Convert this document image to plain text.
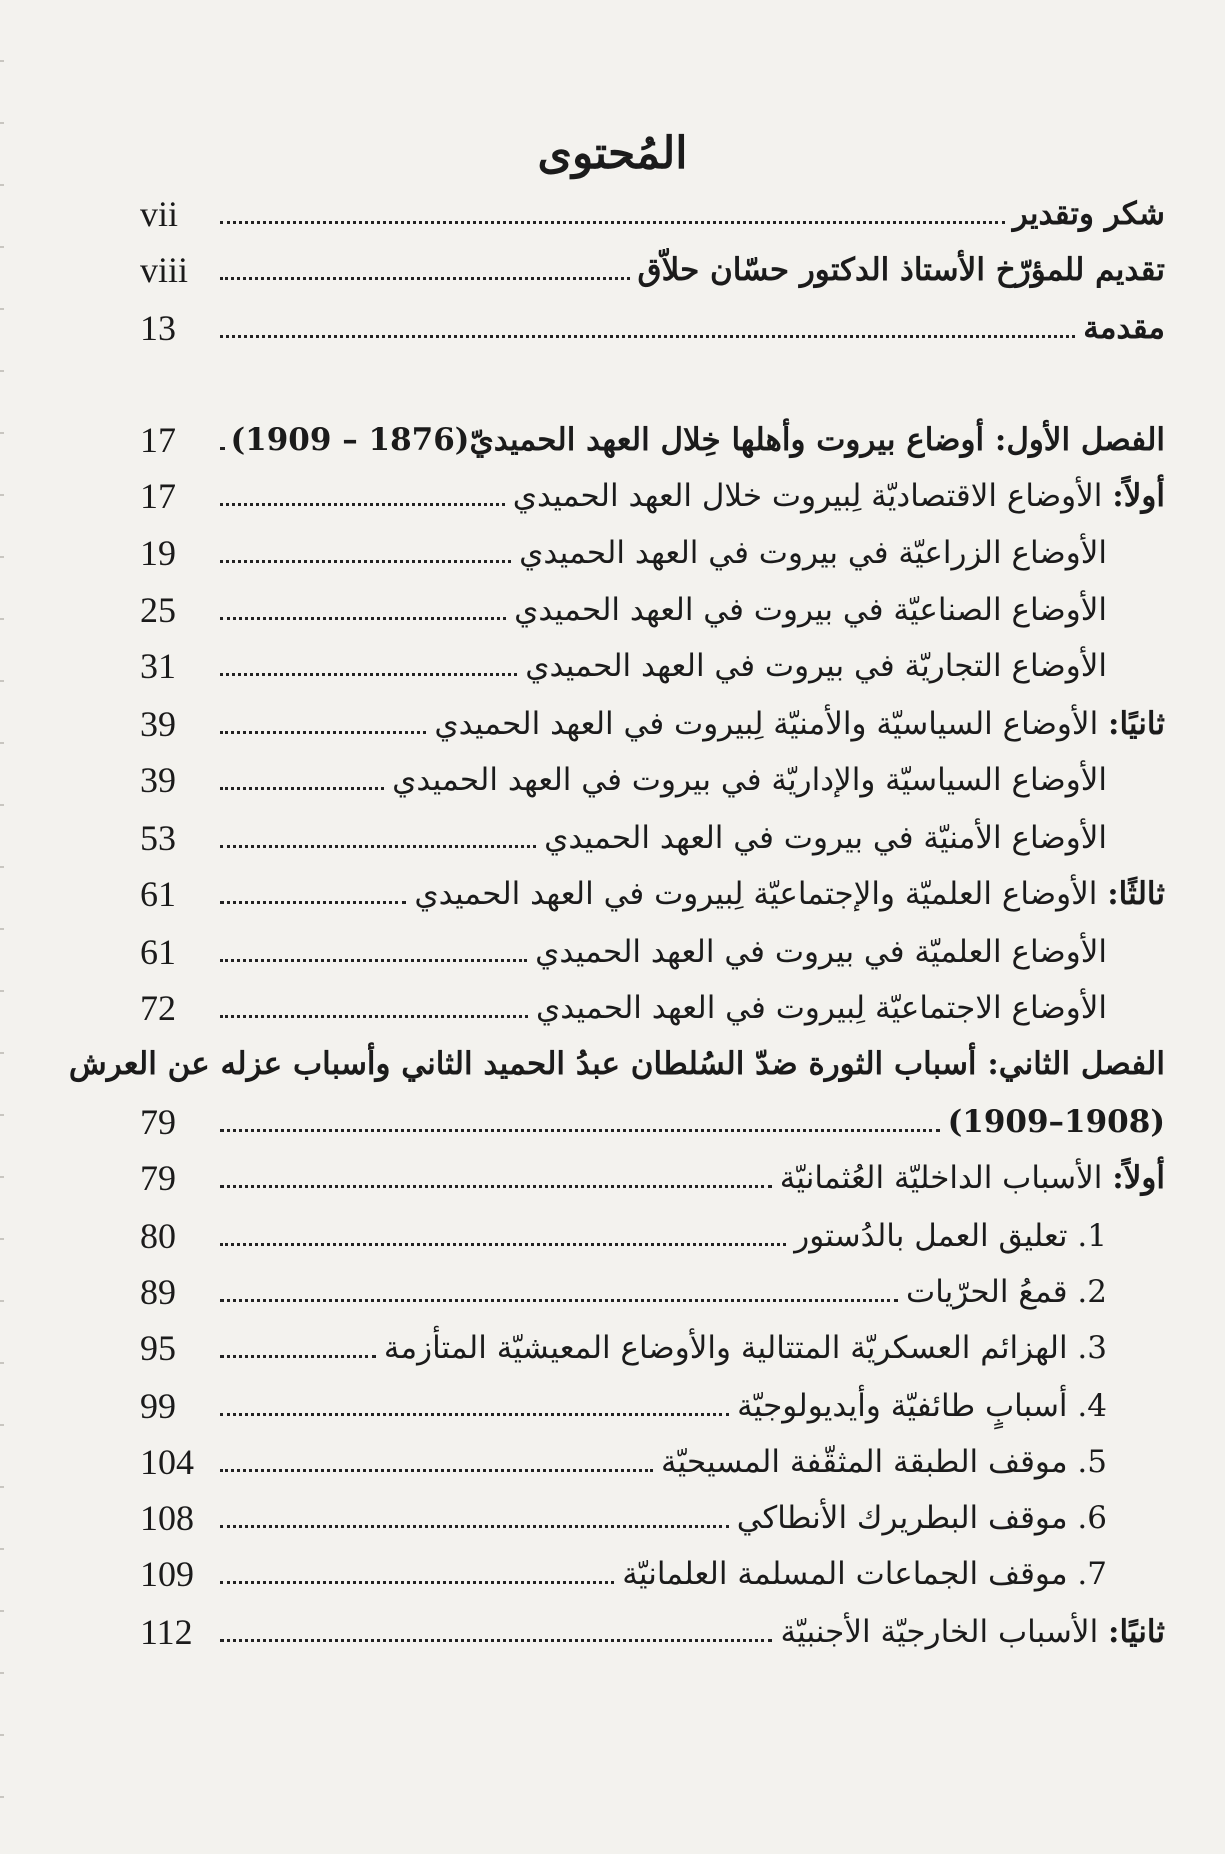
المُحتوى
شكر وتقدير
vii
تقديم للمؤرّخ الأستاذ الدكتور حسّان حلاّق
viii
مقدمة
13
الفصل الأول: أوضاع بيروت وأهلها خِلال العهد الحميديّ(1876 – 1909)
17
أولاً: الأوضاع الاقتصاديّة لِبيروت خلال العهد الحميدي
17
الأوضاع الزراعيّة في بيروت في العهد الحميدي
19
الأوضاع الصناعيّة في بيروت في العهد الحميدي
25
الأوضاع التجاريّة في بيروت في العهد الحميدي
31
ثانيًا: الأوضاع السياسيّة والأمنيّة لِبيروت في العهد الحميدي
39
الأوضاع السياسيّة والإداريّة في بيروت في العهد الحميدي
39
الأوضاع الأمنيّة في بيروت في العهد الحميدي
53
ثالثًا: الأوضاع العلميّة والإجتماعيّة لِبيروت في العهد الحميدي
61
الأوضاع العلميّة في بيروت في العهد الحميدي
61
الأوضاع الاجتماعيّة لِبيروت في العهد الحميدي
72
الفصل الثاني: أسباب الثورة ضدّ السُلطان عبدُ الحميد الثاني وأسباب عزله عن العرش
(1908–1909)
79
أولاً: الأسباب الداخليّة العُثمانيّة
79
1. تعليق العمل بالدُستور
80
2. قمعُ الحرّيات
89
3. الهزائم العسكريّة المتتالية والأوضاع المعيشيّة المتأزمة
95
4. أسبابٍ طائفيّة وأيديولوجيّة
99
5. موقف الطبقة المثقّفة المسيحيّة
104
6. موقف البطريرك الأنطاكي
108
7. موقف الجماعات المسلمة العلمانيّة
109
ثانيًا: الأسباب الخارجيّة الأجنبيّة
112
